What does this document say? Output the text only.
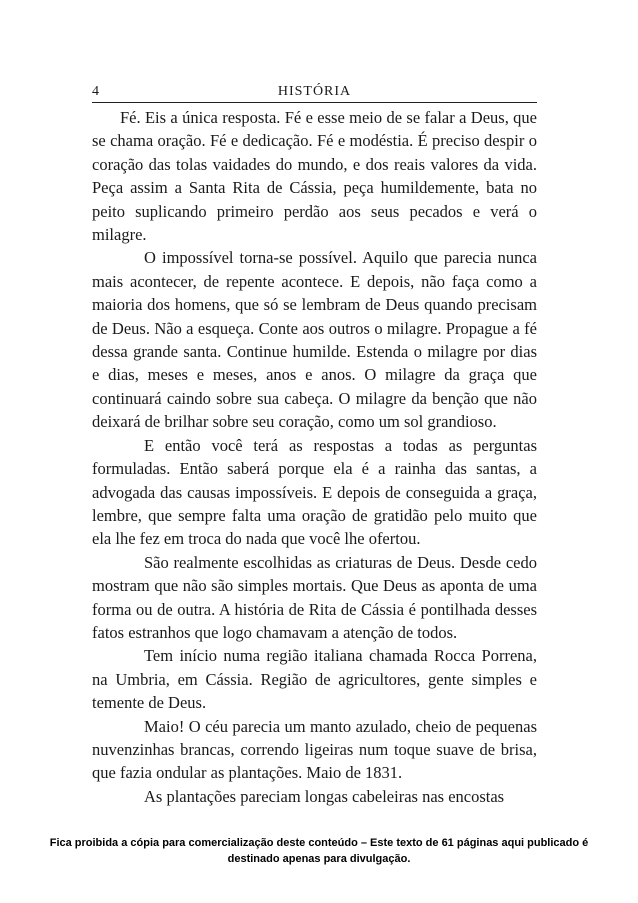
4	HISTÓRIA

Fé. Eis a única resposta. Fé e esse meio de se falar a Deus, que se chama oração. Fé e dedicação. Fé e modéstia. É preciso despir o coração das tolas vaidades do mundo, e dos reais valores da vida. Peça assim a Santa Rita de Cássia, peça humildemente, bata no peito suplicando primeiro perdão aos seus pecados e verá o milagre.

O impossível torna-se possível. Aquilo que parecia nunca mais acontecer, de repente acontece. E depois, não faça como a maioria dos homens, que só se lembram de Deus quando precisam de Deus. Não a esqueça. Conte aos outros o milagre. Propague a fé dessa grande santa. Continue humilde. Estenda o milagre por dias e dias, meses e meses, anos e anos. O milagre da graça que continuará caindo sobre sua cabeça. O milagre da benção que não deixará de brilhar sobre seu coração, como um sol grandioso.

E então você terá as respostas a todas as perguntas formuladas. Então saberá porque ela é a rainha das santas, a advogada das causas impossíveis. E depois de conseguida a graça, lembre, que sempre falta uma oração de gratidão pelo muito que ela lhe fez em troca do nada que você lhe ofertou.

São realmente escolhidas as criaturas de Deus. Desde cedo mostram que não são simples mortais. Que Deus as aponta de uma forma ou de outra. A história de Rita de Cássia é pontilhada desses fatos estranhos que logo chamavam a atenção de todos.

Tem início numa região italiana chamada Rocca Porrena, na Umbria, em Cássia. Região de agricultores, gente simples e temente de Deus.

Maio! O céu parecia um manto azulado, cheio de pequenas nuvenzinhas brancas, correndo ligeiras num toque suave de brisa, que fazia ondular as plantações. Maio de 1831.

As plantações pareciam longas cabeleiras nas encostas

Fica proibida a cópia para comercialização deste conteúdo – Este texto de 61 páginas aqui publicado é destinado apenas para divulgação.
